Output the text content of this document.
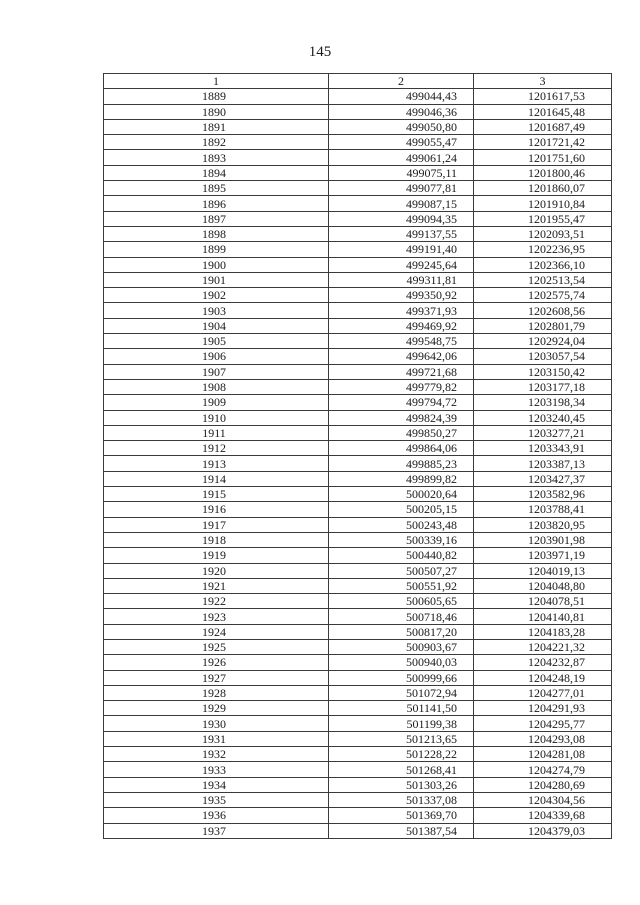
145
1	2	3
1889	499044,43	1201617,53
1890	499046,36	1201645,48
1891	499050,80	1201687,49
1892	499055,47	1201721,42
1893	499061,24	1201751,60
1894	499075,11	1201800,46
1895	499077,81	1201860,07
1896	499087,15	1201910,84
1897	499094,35	1201955,47
1898	499137,55	1202093,51
1899	499191,40	1202236,95
1900	499245,64	1202366,10
1901	499311,81	1202513,54
1902	499350,92	1202575,74
1903	499371,93	1202608,56
1904	499469,92	1202801,79
1905	499548,75	1202924,04
1906	499642,06	1203057,54
1907	499721,68	1203150,42
1908	499779,82	1203177,18
1909	499794,72	1203198,34
1910	499824,39	1203240,45
1911	499850,27	1203277,21
1912	499864,06	1203343,91
1913	499885,23	1203387,13
1914	499899,82	1203427,37
1915	500020,64	1203582,96
1916	500205,15	1203788,41
1917	500243,48	1203820,95
1918	500339,16	1203901,98
1919	500440,82	1203971,19
1920	500507,27	1204019,13
1921	500551,92	1204048,80
1922	500605,65	1204078,51
1923	500718,46	1204140,81
1924	500817,20	1204183,28
1925	500903,67	1204221,32
1926	500940,03	1204232,87
1927	500999,66	1204248,19
1928	501072,94	1204277,01
1929	501141,50	1204291,93
1930	501199,38	1204295,77
1931	501213,65	1204293,08
1932	501228,22	1204281,08
1933	501268,41	1204274,79
1934	501303,26	1204280,69
1935	501337,08	1204304,56
1936	501369,70	1204339,68
1937	501387,54	1204379,03
